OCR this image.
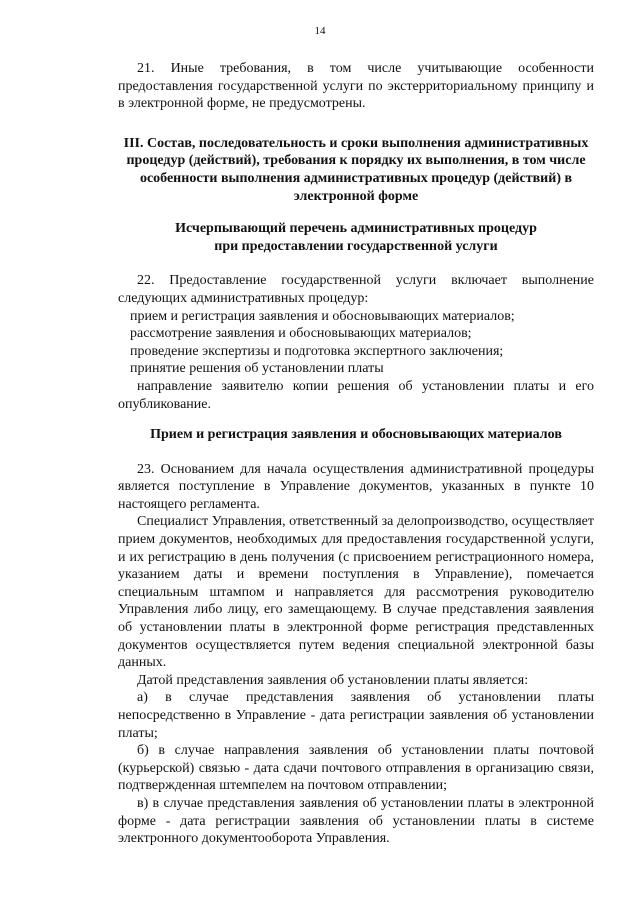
14

21. Иные требования, в том числе учитывающие особенности предоставления государственной услуги по экстерриториальному принципу и в электронной форме, не предусмотрены.

III. Состав, последовательность и сроки выполнения административных процедур (действий), требования к порядку их выполнения, в том числе особенности выполнения административных процедур (действий) в электронной форме

Исчерпывающий перечень административных процедур

при предоставлении государственной услуги

22. Предоставление государственной услуги включает выполнение следующих административных процедур:

прием и регистрация заявления и обосновывающих материалов;

рассмотрение заявления и обосновывающих материалов;

проведение экспертизы и подготовка экспертного заключения;

принятие решения об установлении платы

направление заявителю копии решения об установлении платы и его опубликование.

Прием и регистрация заявления и обосновывающих материалов

23. Основанием для начала осуществления административной процедуры является поступление в Управление документов, указанных в пункте 10 настоящего регламента.

Специалист Управления, ответственный за делопроизводство, осуществляет прием документов, необходимых для предоставления государственной услуги, и их регистрацию в день получения (с присвоением регистрационного номера, указанием даты и времени поступления в Управление), помечается специальным штампом и направляется для рассмотрения руководителю Управления либо лицу, его замещающему. В случае представления заявления об установлении платы в электронной форме регистрация представленных документов осуществляется путем ведения специальной электронной базы данных.

Датой представления заявления об установлении платы является:

а) в случае представления заявления об установлении платы непосредственно в Управление - дата регистрации заявления об установлении платы;

б) в случае направления заявления об установлении платы почтовой (курьерской) связью - дата сдачи почтового отправления в организацию связи, подтвержденная штемпелем на почтовом отправлении;

в) в случае представления заявления об установлении платы в электронной форме - дата регистрации заявления об установлении платы в системе электронного документооборота Управления.
